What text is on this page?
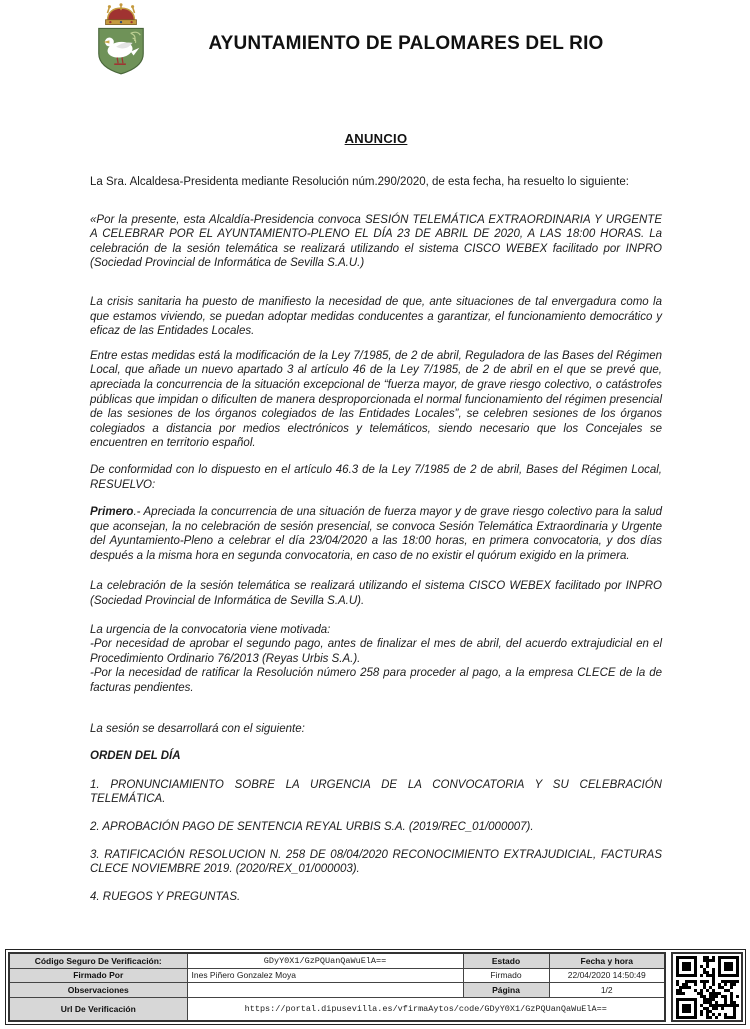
AYUNTAMIENTO DE PALOMARES DEL RIO
ANUNCIO

La Sra. Alcaldesa-Presidenta mediante Resolución núm.290/2020, de esta fecha, ha resuelto lo siguiente:

«Por la presente, esta Alcaldía-Presidencia convoca SESIÓN TELEMÁTICA EXTRAORDINARIA Y URGENTE A CELEBRAR POR EL AYUNTAMIENTO-PLENO EL DÍA 23 DE ABRIL DE 2020, A LAS 18:00 HORAS. La celebración de la sesión telemática se realizará utilizando el sistema CISCO WEBEX facilitado por INPRO (Sociedad Provincial de Informática de Sevilla S.A.U.)

La crisis sanitaria ha puesto de manifiesto la necesidad de que, ante situaciones de tal envergadura como la que estamos viviendo, se puedan adoptar medidas conducentes a garantizar, el funcionamiento democrático y eficaz de las Entidades Locales.

Entre estas medidas está la modificación de la Ley 7/1985, de 2 de abril, Reguladora de las Bases del Régimen Local, que añade un nuevo apartado 3 al artículo 46 de la Ley 7/1985, de 2 de abril en el que se prevé que, apreciada la concurrencia de la situación excepcional de “fuerza mayor, de grave riesgo colectivo, o catástrofes públicas que impidan o dificulten de manera desproporcionada el normal funcionamiento del régimen presencial de las sesiones de los órganos colegiados de las Entidades Locales”, se celebren sesiones de los órganos colegiados a distancia por medios electrónicos y telemáticos, siendo necesario que los Concejales se encuentren en territorio español.

De conformidad con lo dispuesto en el artículo 46.3 de la Ley 7/1985 de 2 de abril, Bases del Régimen Local, RESUELVO:

Primero.- Apreciada la concurrencia de una situación de fuerza mayor y de grave riesgo colectivo para la salud que aconsejan, la no celebración de sesión presencial, se convoca Sesión Telemática Extraordinaria y Urgente del Ayuntamiento-Pleno a celebrar el día 23/04/2020 a las 18:00 horas, en primera convocatoria, y dos días después a la misma hora en segunda convocatoria, en caso de no existir el quórum exigido en la primera.

La celebración de la sesión telemática se realizará utilizando el sistema CISCO WEBEX facilitado por INPRO (Sociedad Provincial de Informática de Sevilla S.A.U).

La urgencia de la convocatoria viene motivada:

-Por necesidad de aprobar el segundo pago, antes de finalizar el mes de abril, del acuerdo extrajudicial en el Procedimiento Ordinario 76/2013 (Reyas Urbis S.A.).

-Por la necesidad de ratificar la Resolución número 258 para proceder al pago, a la empresa CLECE de la de facturas pendientes.

La sesión se desarrollará con el siguiente:

ORDEN DEL DÍA

1. PRONUNCIAMIENTO SOBRE LA URGENCIA DE LA CONVOCATORIA Y SU CELEBRACIÓN TELEMÁTICA.

2. APROBACIÓN PAGO DE SENTENCIA REYAL URBIS S.A. (2019/REC_01/000007).

3. RATIFICACIÓN RESOLUCION N. 258 DE 08/04/2020 RECONOCIMIENTO EXTRAJUDICIAL, FACTURAS CLECE NOVIEMBRE 2019. (2020/REX_01/000003).

4. RUEGOS Y PREGUNTAS.

Código Seguro De Verificación:	GDyY0X1/GzPQUanQaWuElA==	Estado	Fecha y hora
Firmado Por	Ines Piñero Gonzalez Moya	Firmado	22/04/2020 14:50:49
Observaciones		Página	1/2
Url De Verificación	https://portal.dipusevilla.es/vfirmaAytos/code/GDyY0X1/GzPQUanQaWuElA==		
